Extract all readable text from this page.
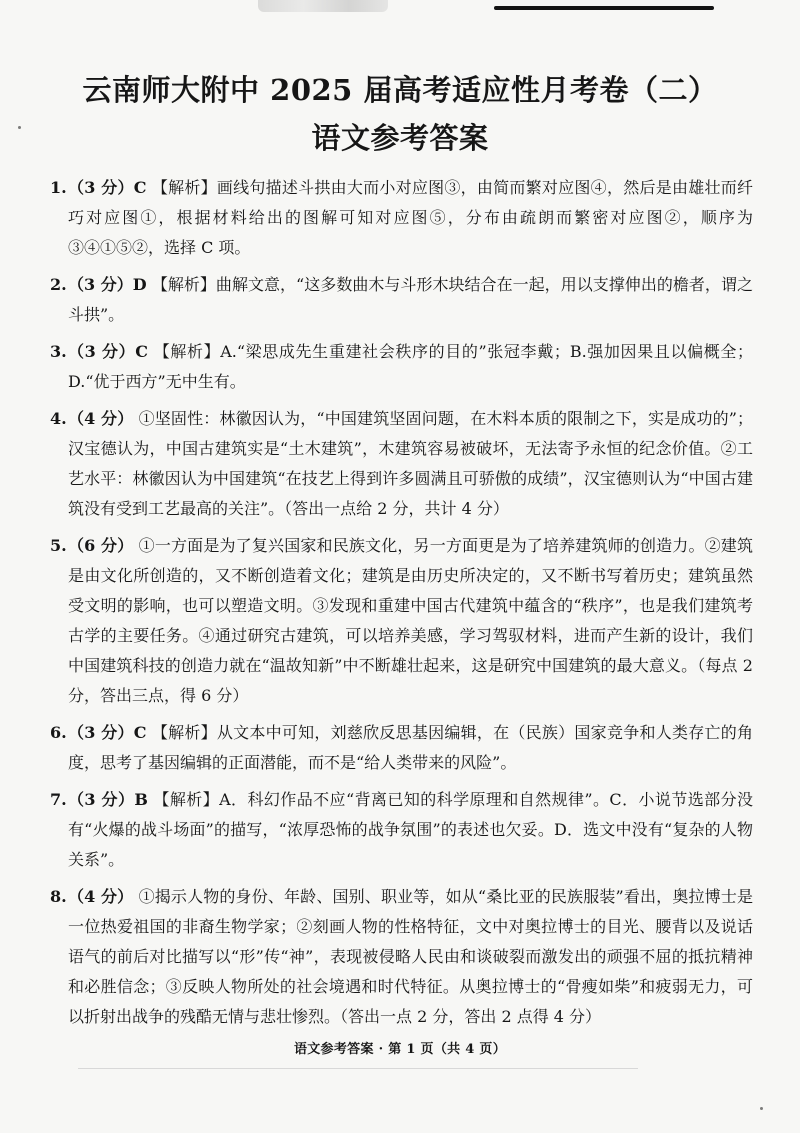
云南师大附中 2025 届高考适应性月考卷（二）
语文参考答案
1. （3 分）C 【解析】画线句描述斗拱由大而小对应图③，由简而繁对应图④，然后是由雄壮而纤巧对应图①，根据材料给出的图解可知对应图⑤，分布由疏朗而繁密对应图②，顺序为③④①⑤②，选择 C 项。
2. （3 分）D 【解析】曲解文意，“这多数曲木与斗形木块结合在一起，用以支撑伸出的檐者，谓之斗拱”。
3. （3 分）C 【解析】A.“梁思成先生重建社会秩序的目的”张冠李戴；B.强加因果且以偏概全；D.“优于西方”无中生有。
4. （4 分） ①坚固性：林徽因认为，“中国建筑坚固问题，在木料本质的限制之下，实是成功的”；汉宝德认为，中国古建筑实是“土木建筑”，木建筑容易被破坏，无法寄予永恒的纪念价值。②工艺水平：林徽因认为中国建筑“在技艺上得到许多圆满且可骄傲的成绩”，汉宝德则认为“中国古建筑没有受到工艺最高的关注”。（答出一点给 2 分，共计 4 分）
5. （6 分） ①一方面是为了复兴国家和民族文化，另一方面更是为了培养建筑师的创造力。②建筑是由文化所创造的，又不断创造着文化；建筑是由历史所决定的，又不断书写着历史；建筑虽然受文明的影响，也可以塑造文明。③发现和重建中国古代建筑中蕴含的“秩序”，也是我们建筑考古学的主要任务。④通过研究古建筑，可以培养美感，学习驾驭材料，进而产生新的设计，我们中国建筑科技的创造力就在“温故知新”中不断雄壮起来，这是研究中国建筑的最大意义。（每点 2 分，答出三点，得 6 分）
6. （3 分）C 【解析】从文本中可知，刘慈欣反思基因编辑，在（民族）国家竞争和人类存亡的角度，思考了基因编辑的正面潜能，而不是“给人类带来的风险”。
7. （3 分）B 【解析】A．科幻作品不应“背离已知的科学原理和自然规律”。C．小说节选部分没有“火爆的战斗场面”的描写，“浓厚恐怖的战争氛围”的表述也欠妥。D．选文中没有“复杂的人物关系”。
8. （4 分） ①揭示人物的身份、年龄、国别、职业等，如从“桑比亚的民族服装”看出，奥拉博士是一位热爱祖国的非裔生物学家；②刻画人物的性格特征，文中对奥拉博士的目光、腰背以及说话语气的前后对比描写以“形”传“神”，表现被侵略人民由和谈破裂而激发出的顽强不屈的抵抗精神和必胜信念；③反映人物所处的社会境遇和时代特征。从奥拉博士的“骨瘦如柴”和疲弱无力，可以折射出战争的残酷无情与悲壮惨烈。（答出一点 2 分，答出 2 点得 4 分）
语文参考答案 · 第 1 页（共 4 页）
